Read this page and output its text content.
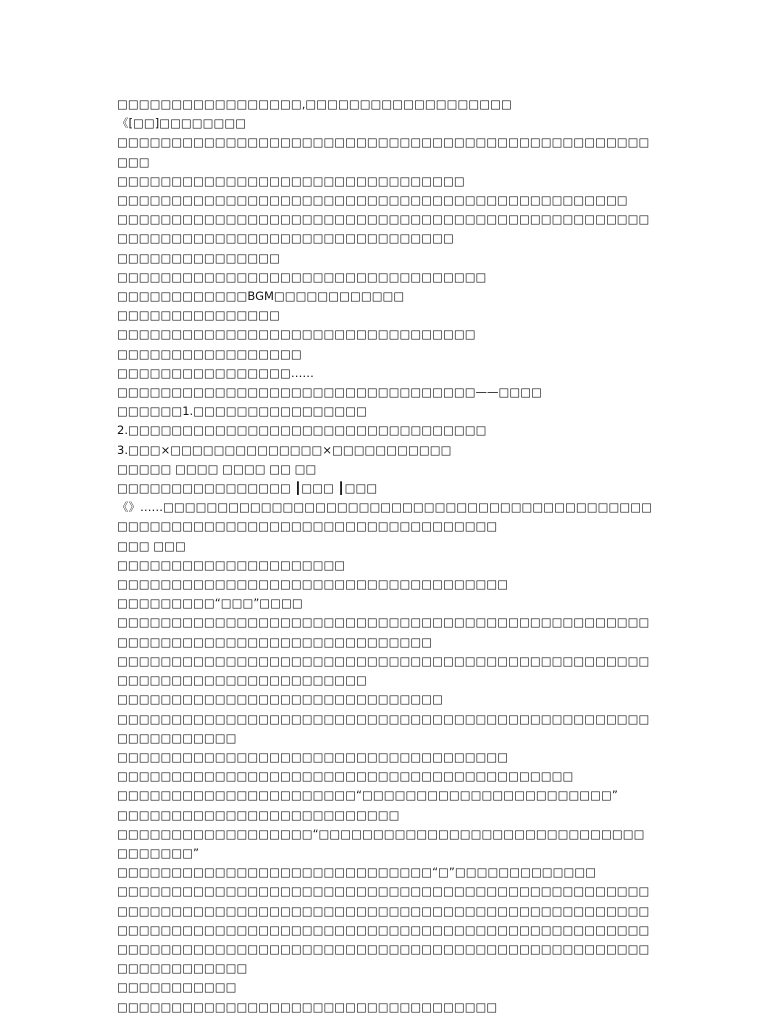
□□□□□□□□□□□□□□□□□,□□□□□□□□□□□□□□□□□□□

《[□□]□□□□□□□□

□□□□□□□□□□□□□□□□□□□□□□□□□□□□□□□□□□□□□□□□□□□□□□□□□□□□

□□□□□□□□□□□□□□□□□□□□□□□□□□□□□□□□

□□□□□□□□□□□□□□□□□□□□□□□□□□□□□□□□□□□□□□□□□□□□□□□

□□□□□□□□□□□□□□□□□□□□□□□□□□□□□□□□□□□□□□□□□□□□□□□□□□□□□□□□□□□□□□□□□□□□□□□□□□□□□□□□

□□□□□□□□□□□□□□□

□□□□□□□□□□□□□□□□□□□□□□□□□□□□□□□□□□

□□□□□□□□□□□□BGM□□□□□□□□□□□□

□□□□□□□□□□□□□□□

□□□□□□□□□□□□□□□□□□□□□□□□□□□□□□□□□

□□□□□□□□□□□□□□□□□

□□□□□□□□□□□□□□□□……

□□□□□□□□□□□□□□□□□□□□□□□□□□□□□□□□□——□□□□

□□□□□□1.□□□□□□□□□□□□□□□□

2.□□□□□□□□□□□□□□□□□□□□□□□□□□□□□□□□□

3.□□□×□□□□□□□□□□□□□□×□□□□□□□□□□□

□□□□□ □□□□ □□□□ □□ □□

□□□□□□□□□□□□□□□□ ┃□□□ ┃□□□

《》……□□□□□□□□□□□□□□□□□□□□□□□□□□□□□□□□□□□□□□□□□□□□□□□□□□□□□□□□□□□□□□□□□□□□□□□□□□□□□□□□

□□□ □□□

□□□□□□□□□□□□□□□□□□□□□

□□□□□□□□□□□□□□□□□□□□□□□□□□□□□□□□□□□□

□□□□□□□□□“□□□”□□□□

□□□□□□□□□□□□□□□□□□□□□□□□□□□□□□□□□□□□□□□□□□□□□□□□□□□□□□□□□□□□□□□□□□□□□□□□□□□□□□

□□□□□□□□□□□□□□□□□□□□□□□□□□□□□□□□□□□□□□□□□□□□□□□□□□□□□□□□□□□□□□□□□□□□□□□□

□□□□□□□□□□□□□□□□□□□□□□□□□□□□□□

□□□□□□□□□□□□□□□□□□□□□□□□□□□□□□□□□□□□□□□□□□□□□□□□□□□□□□□□□□□□

□□□□□□□□□□□□□□□□□□□□□□□□□□□□□□□□□□□□

□□□□□□□□□□□□□□□□□□□□□□□□□□□□□□□□□□□□□□□□□□

□□□□□□□□□□□□□□□□□□□□□□“□□□□□□□□□□□□□□□□□□□□□□□”

□□□□□□□□□□□□□□□□□□□□□□□□□□

□□□□□□□□□□□□□□□□□□“□□□□□□□□□□□□□□□□□□□□□□□□□□□□□□□□□□□□□”

□□□□□□□□□□□□□□□□□□□□□□□□□□□□□“□”□□□□□□□□□□□□□

□□□□□□□□□□□□□□□□□□□□□□□□□□□□□□□□□□□□□□□□□□□□□□□□□

□□□□□□□□□□□□□□□□□□□□□□□□□□□□□□□□□□□□□□□□□□□□□□□□□□□□□□□□□□□□□□□□□□□□□□□□□□□□□□□□□□□□□□□□□□□□□□□□□□□□□□□□□□□□□□□□□□□□□□□□□□□□□□□□□□□□□□□□□□□□□□□□□□□□□□□□□□□□□□□

□□□□□□□□□□□

□□□□□□□□□□□□□□□□□□□□□□□□□□□□□□□□□□□
